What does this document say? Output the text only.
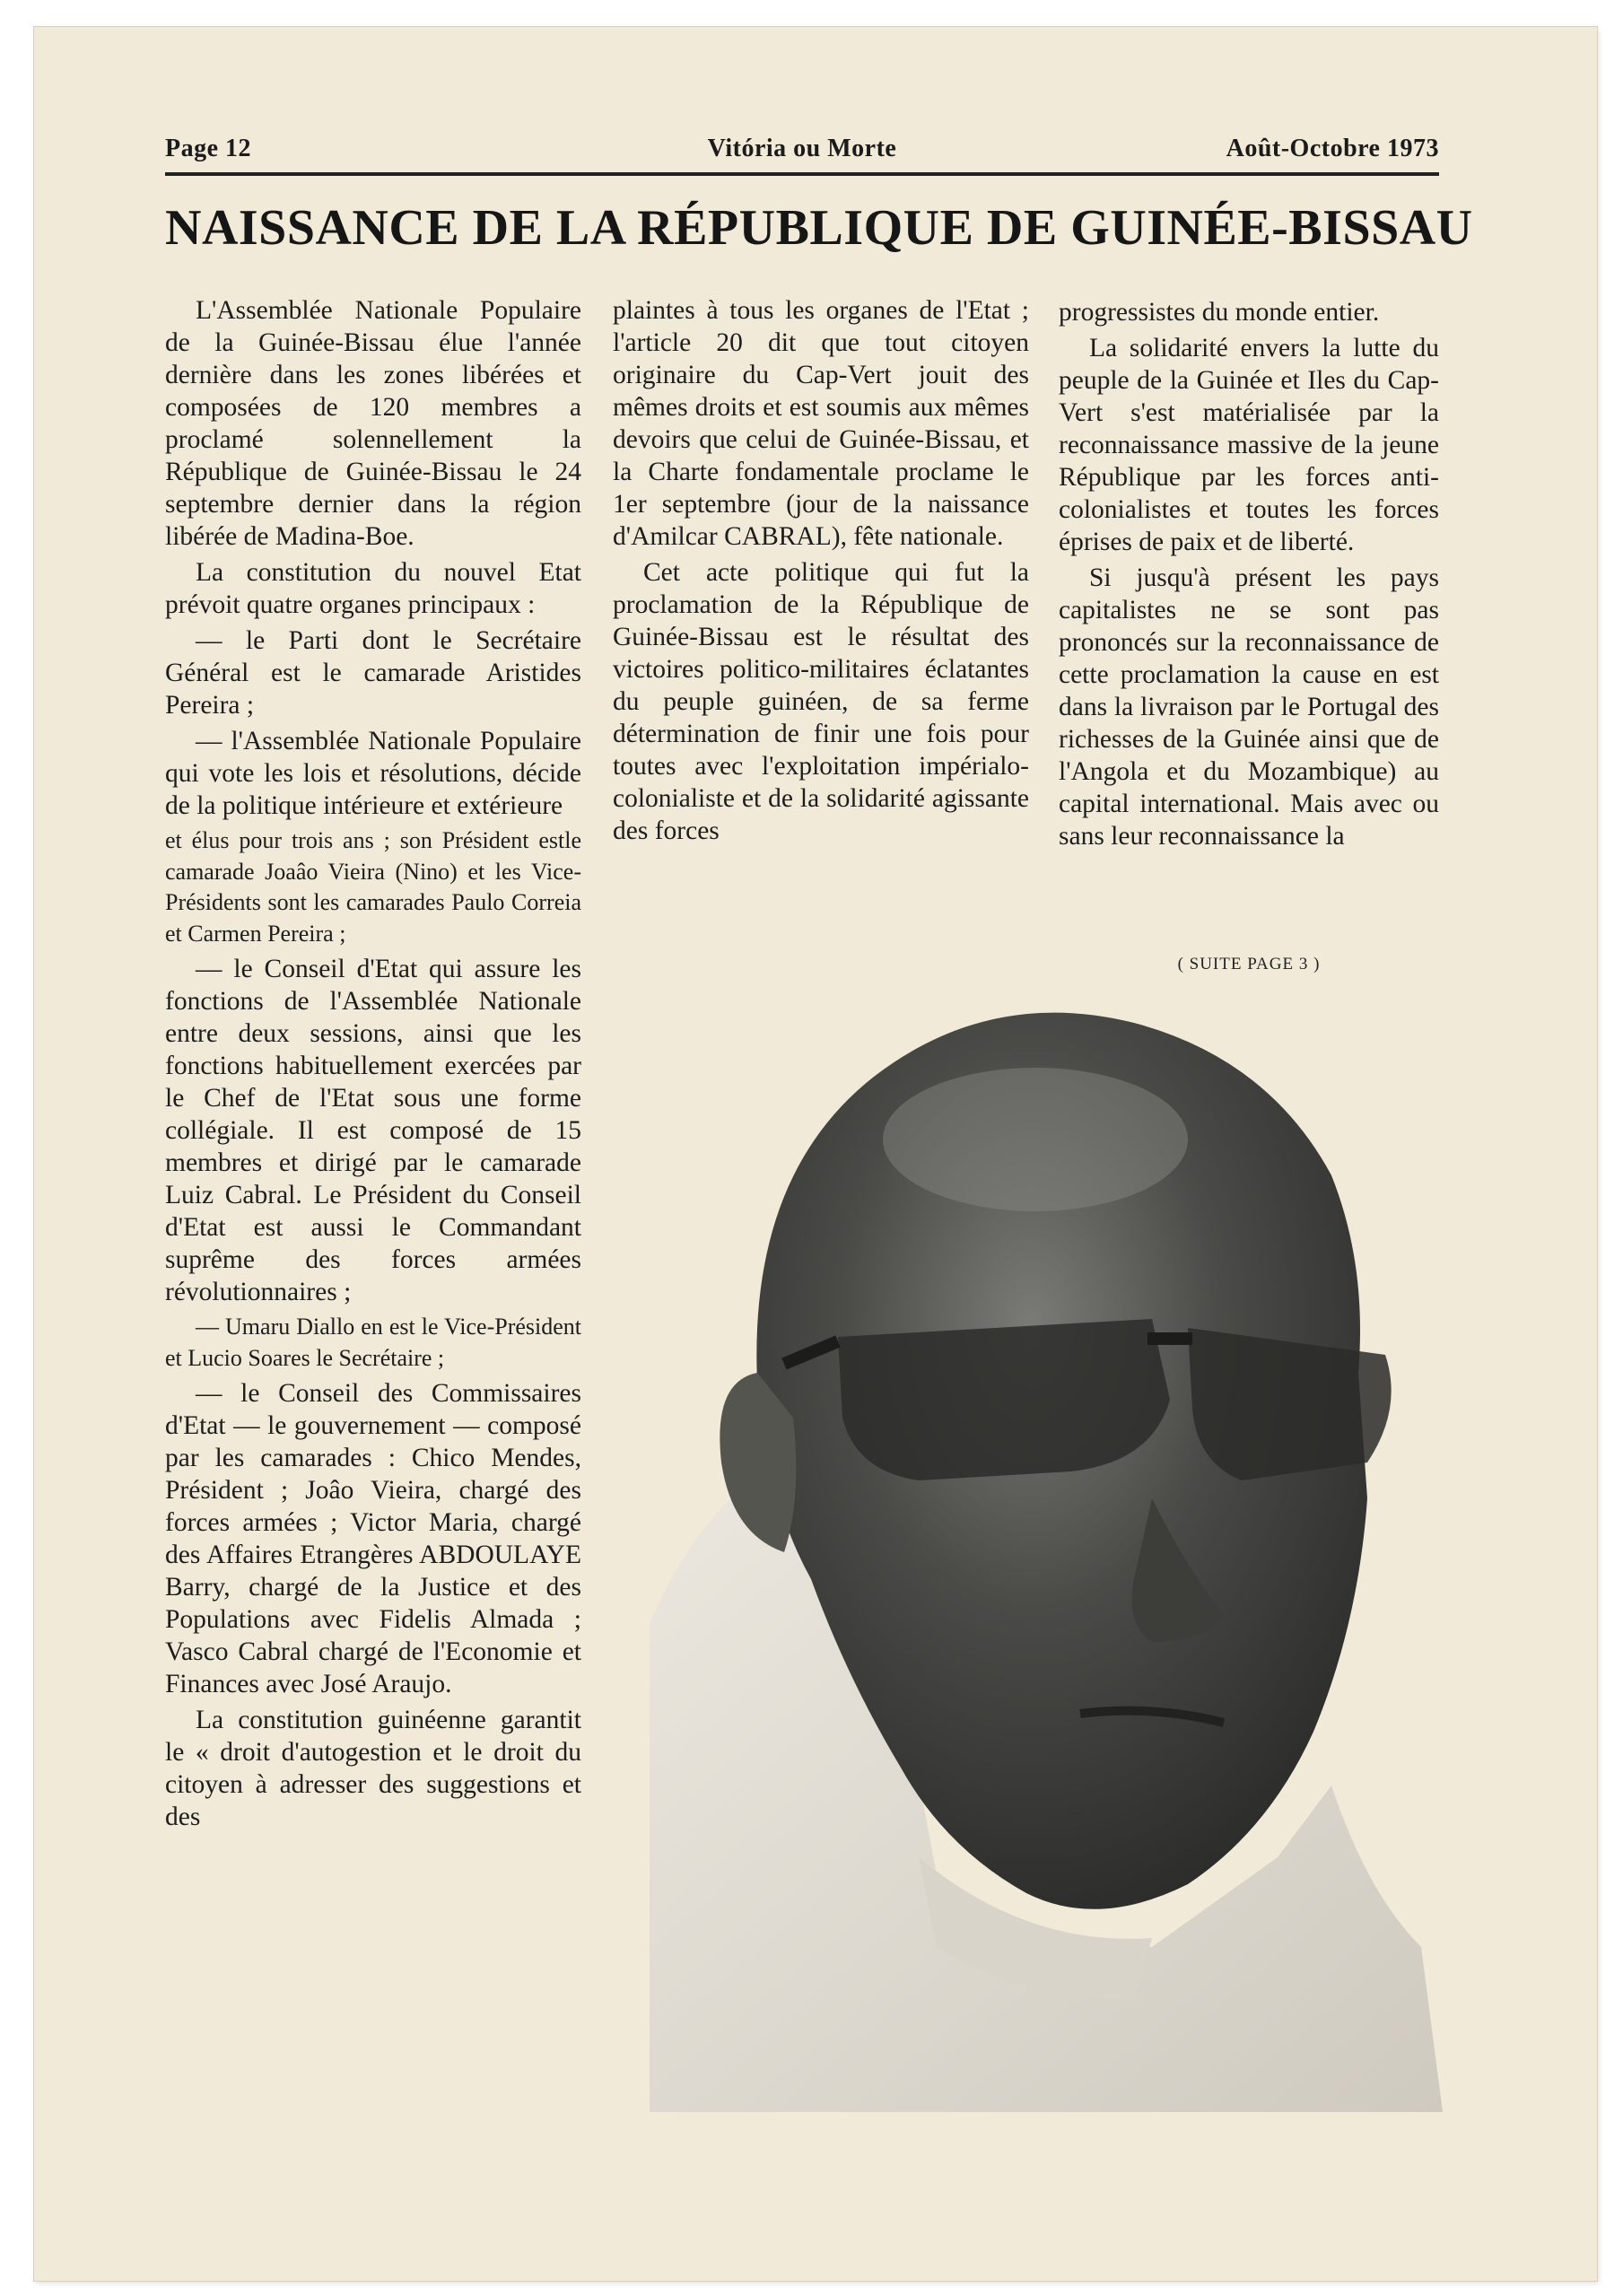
Page 12	Vitória ou Morte	Août-Octobre 1973
NAISSANCE DE LA RÉPUBLIQUE DE GUINÉE-BISSAU

L'Assemblée Nationale Populaire de la Guinée-Bissau élue l'année dernière dans les zones libérées et composées de 120 membres a proclamé solennellement la République de Guinée-Bissau le 24 septembre dernier dans la région libérée de Madina-Boe.

La constitution du nouvel Etat prévoit quatre organes principaux :

— le Parti dont le Secrétaire Général est le camarade Aristides Pereira ;

— l'Assemblée Nationale Populaire qui vote les lois et résolutions, décide de la politique intérieure et extérieure

et élus pour trois ans ; son Président estle camarade Joaâo Vieira (Nino) et les Vice-Présidents sont les camarades Paulo Correia et Carmen Pereira ;

— le Conseil d'Etat qui assure les fonctions de l'Assemblée Nationale entre deux sessions, ainsi que les fonctions habituellement exercées par le Chef de l'Etat sous une forme collégiale. Il est composé de 15 membres et dirigé par le camarade Luiz Cabral. Le Président du Conseil d'Etat est aussi le Commandant suprême des forces armées révolutionnaires ;

— Umaru Diallo en est le Vice-Président et Lucio Soares le Secrétaire ;

— le Conseil des Commissaires d'Etat — le gouvernement — composé par les camarades : Chico Mendes, Président ; Joâo Vieira, chargé des forces armées ; Victor Maria, chargé des Affaires Etrangères ABDOULAYE Barry, chargé de la Justice et des Populations avec Fidelis Almada ; Vasco Cabral chargé de l'Economie et Finances avec José Araujo.

La constitution guinéenne garantit le « droit d'autogestion et le droit du citoyen à adresser des suggestions et des

plaintes à tous les organes de l'Etat ; l'article 20 dit que tout citoyen originaire du Cap-Vert jouit des mêmes droits et est soumis aux mêmes devoirs que celui de Guinée-Bissau, et la Charte fondamentale proclame le 1er septembre (jour de la naissance d'Amilcar CABRAL), fête nationale.

Cet acte politique qui fut la proclamation de la République de Guinée-Bissau est le résultat des victoires politico-militaires éclatantes du peuple guinéen, de sa ferme détermination de finir une fois pour toutes avec l'exploitation impérialo-colonialiste et de la solidarité agissante des forces

progressistes du monde entier.

La solidarité envers la lutte du peuple de la Guinée et Iles du Cap-Vert s'est matérialisée par la reconnaissance massive de la jeune République par les forces anti-colonialistes et toutes les forces éprises de paix et de liberté.

Si jusqu'à présent les pays capitalistes ne se sont pas prononcés sur la reconnaissance de cette proclamation la cause en est dans la livraison par le Portugal des richesses de la Guinée ainsi que de l'Angola et du Mozambique) au capital international. Mais avec ou sans leur reconnaissance la

( SUITE PAGE 3 )
